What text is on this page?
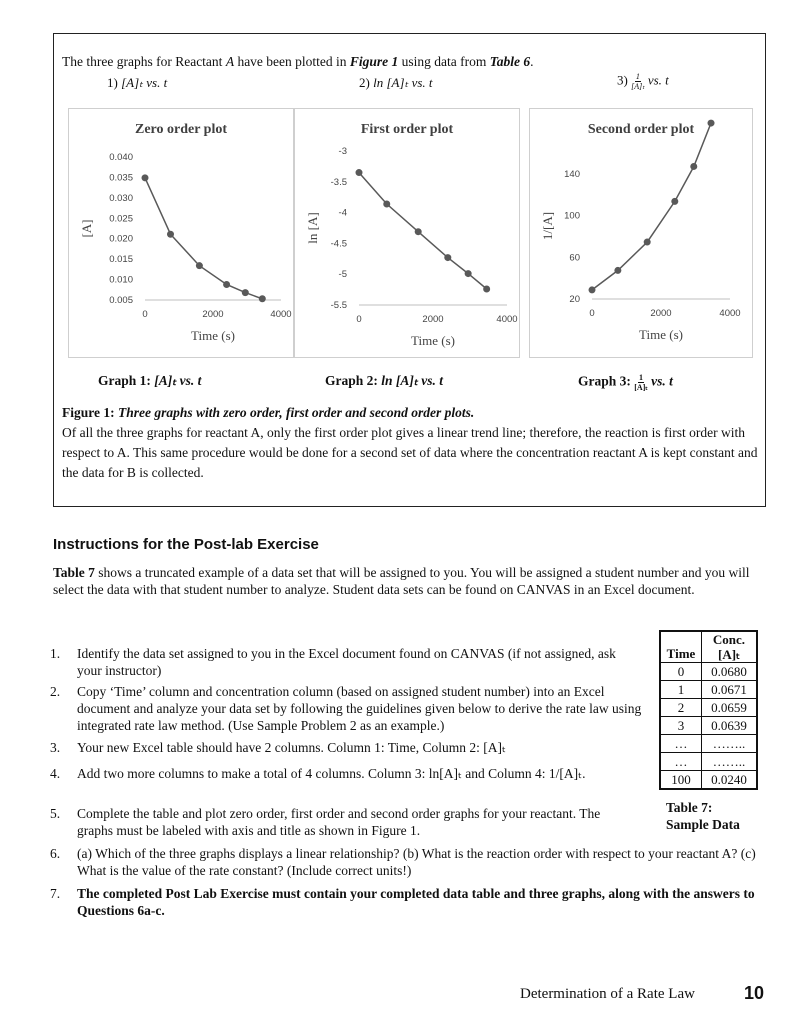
The three graphs for Reactant A have been plotted in Figure 1 using data from Table 6.
1) [A]ₜ vs. t	2) ln [A]ₜ vs. t	$3) \frac{1}{\text{[A]ₜ}}$ vs. t
Zero order plot
0.005
0.010
0.015
0.020
0.025
0.030
0.035
0.040
0	2000	4000
Time (s)
[A]
First order plot
-3
-3.5
-4
-4.5
-5
-5.5
0	2000	4000
Time (s)
ln [A]
Second order plot
20
60
100
140
0	2000	4000
Time (s)
1/[A]
Graph 1: [A]ₜ vs. t	Graph 2: ln [A]ₜ vs. t	Graph 3: $\frac{1}{\text{[A]ₜ}}$ vs. t
Figure 1: Three graphs with zero order, first order and second order plots.
Of all the three graphs for reactant A, only the first order plot gives a linear trend line; therefore, the reaction is first order with respect to A. This same procedure would be done for a second set of data where the concentration reactant A is kept constant and the data for B is collected.
Instructions for the Post-lab Exercise
Table 7 shows a truncated example of a data set that will be assigned to you. You will be assigned a student number and you will select the data with that student number to analyze. Student data sets can be found on CANVAS in an Excel document.
1.	Identify the data set assigned to you in the Excel document found on CANVAS (if not assigned, ask your instructor)
2.	Copy ‘Time’ column and concentration column (based on assigned student number) into an Excel document and analyze your data set by following the guidelines given below to derive the rate law using integrated rate law method. (Use Sample Problem 2 as an example.)
3.	Your new Excel table should have 2 columns. Column 1: Time, Column 2: [A]ₜ
4.	Add two more columns to make a total of 4 columns. Column 3: ln[A]ₜ and Column 4: 1/[A]ₜ.
5.	Complete the table and plot zero order, first order and second order graphs for your reactant. The graphs must be labeled with axis and title as shown in Figure 1.
6.	(a) Which of the three graphs displays a linear relationship? (b) What is the reaction order with respect to your reactant A? (c) What is the value of the rate constant? (Include correct units!)
7.	The completed Post Lab Exercise must contain your completed data table and three graphs, along with the answers to Questions 6a-c.
Time	Conc. [A]ₜ
0	0.0680
1	0.0671
2	0.0659
3	0.0639
…	……..
…	……..
100	0.0240
Table 7:
Sample Data
Determination of a Rate Law	10
